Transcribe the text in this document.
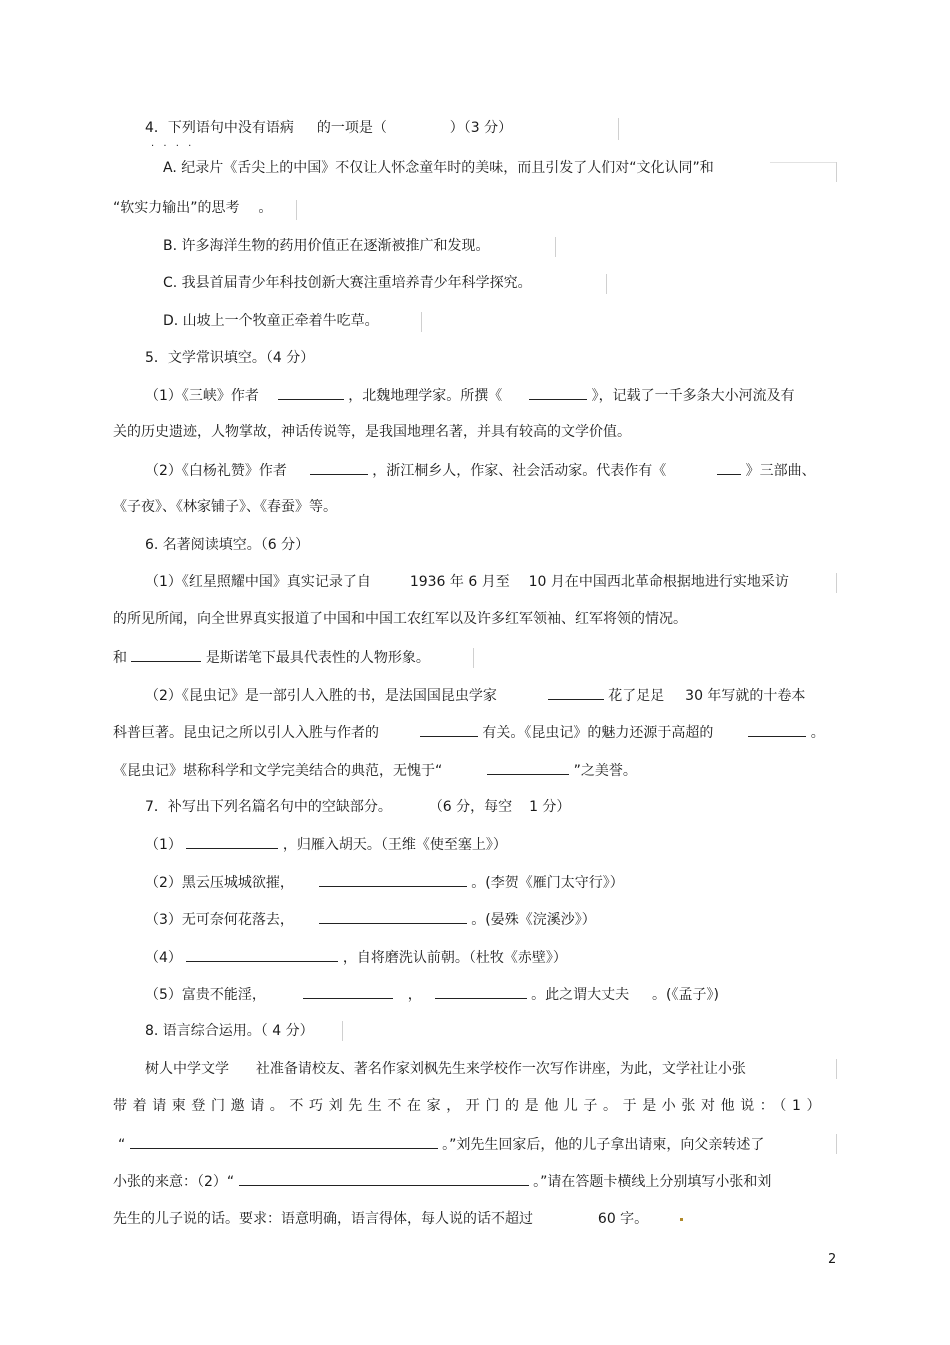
4．下列语句中没有语病 . . . . 的一项是（	）（3 分）
A. 纪录片《舌尖上的中国》不仅让人怀念童年时的美味，而且引发了人们对“文化认同”和
“软实力输出”的思考 。
B. 许多海洋生物的药用价值正在逐渐被推广和发现。
C. 我县首届青少年科技创新大赛注重培养青少年科学探究。
D. 山坡上一个牧童正牵着牛吃草。
5．文学常识填空。（4 分）
（1）《三峡》作者	，北魏地理学家。所撰《	》，记载了一千多条大小河流及有
关的历史遗迹，人物掌故，神话传说等，是我国地理名著，并具有较高的文学价值。
（2）《白杨礼赞》作者	，浙江桐乡人，作家、社会活动家。代表作有《	》三部曲、
《子夜》、《林家铺子》、《春蚕》等。
6. 名著阅读填空。（6 分）
（1）《红星照耀中国》真实记录了自	1936 年 6 月至 10 月在中国西北革命根据地进行实地采访
的所见所闻，向全世界真实报道了中国和中国工农红军以及许多红军领袖、红军将领的情况。
和	是斯诺笔下最具代表性的人物形象。
（2）《昆虫记》是一部引人入胜的书，是法国国昆虫学家	花了足足 30 年写就的十卷本
科普巨著。昆虫记之所以引人入胜与作者的	有关。《昆虫记》的魅力还源于高超的	。
《昆虫记》堪称科学和文学完美结合的典范，无愧于“	”之美誉。
7．补写出下列名篇名句中的空缺部分。	（6 分，每空 1 分）
（1）	，归雁入胡天。（王维《使至塞上》）
（2）黑云压城城欲摧，	。(李贺《雁门太守行》）
（3）无可奈何花落去，	。(晏殊《浣溪沙》）
（4）	，自将磨洗认前朝。（杜牧《赤壁》）
（5）富贵不能淫，	，	。此之谓大丈夫 。(《孟子》)
8. 语言综合运用。（ 4 分）
树人中学文学 社准备请校友、著名作家刘枫先生来学校作一次写作讲座，为此，文学社让小张
带着请柬登门邀请。不巧刘先生不在家，开门的是他儿子。于是小张对他说：（1）
“	。”刘先生回家后，他的儿子拿出请柬，向父亲转述了
小张的来意：（2）“	。”请在答题卡横线上分别填写小张和刘
先生的儿子说的话。要求：语意明确，语言得体，每人说的话不超过	60 字。
2
